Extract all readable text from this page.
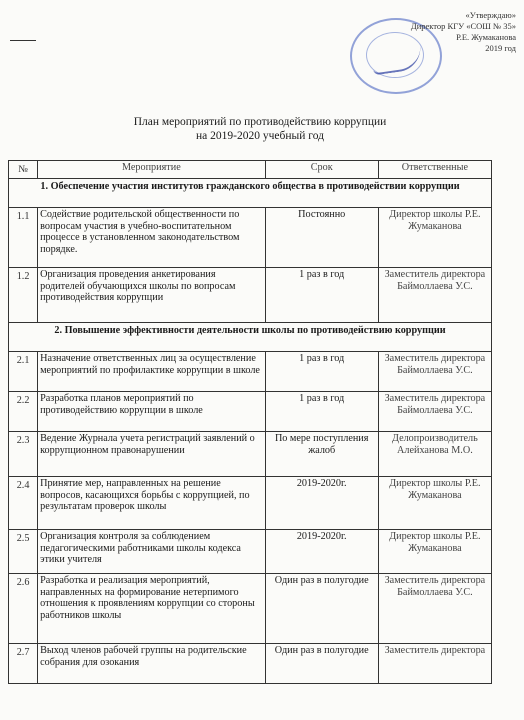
«Утверждаю»
Директор КГУ «СОШ № 35»
Р.Е. Жумаканова
2019 год
План мероприятий по противодействию коррупции
на 2019-2020 учебный год
№	Мероприятие	Срок	Ответственные
1. Обеспечение участия институтов гражданского общества в противодействии коррупции			
1.1	Содействие родительской общественности по вопросам участия в учебно-воспитательном процессе в установленном законодательством порядке.	Постоянно	Директор школы Р.Е. Жумаканова
1.2	Организация проведения анкетирования родителей обучающихся школы по вопросам противодействия коррупции	1 раз в год	Заместитель директора Баймоллаева У.С.
2. Повышение эффективности деятельности школы по противодействию коррупции			
2.1	Назначение ответственных лиц за осуществление мероприятий по профилактике коррупции в школе	1 раз в год	Заместитель директора Баймоллаева У.С.
2.2	Разработка планов мероприятий по противодействию коррупции в школе	1 раз в год	Заместитель директора Баймоллаева У.С.
2.3	Ведение Журнала учета регистраций заявлений о коррупционном правонарушении	По мере поступления жалоб	Делопроизводитель Алейханова М.О.
2.4	Принятие мер, направленных на решение вопросов, касающихся борьбы с коррупцией, по результатам проверок школы	2019-2020г.	Директор школы Р.Е. Жумаканова
2.5	Организация контроля за соблюдением педагогическими работниками школы кодекса этики учителя	2019-2020г.	Директор школы Р.Е. Жумаканова
2.6	Разработка и реализация мероприятий, направленных на формирование нетерпимого отношения к проявлениям коррупции со стороны работников школы	Один раз в полугодие	Заместитель директора Баймоллаева У.С.
2.7	Выход членов рабочей группы на родительские собрания для озокания	Один раз в полугодие	Заместитель директора
